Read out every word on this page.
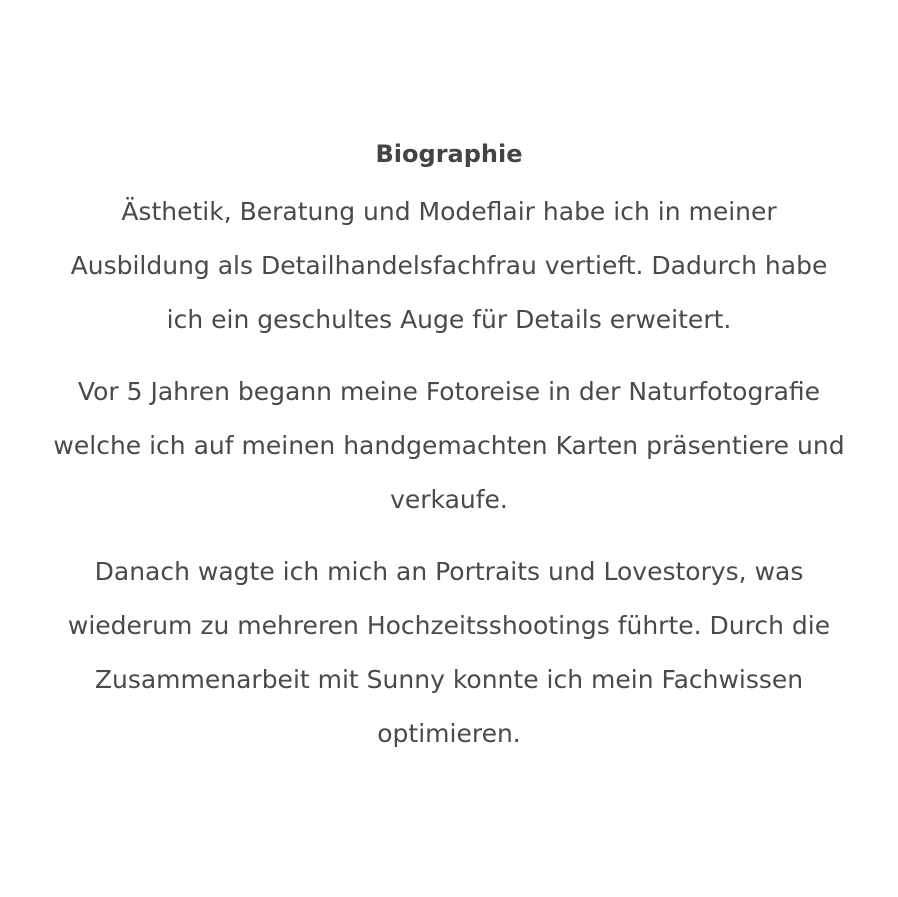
Biographie

Ästhetik, Beratung und Modeflair habe ich in meiner Ausbildung als Detailhandelsfachfrau vertieft. Dadurch habe ich ein geschultes Auge für Details erweitert.

Vor 5 Jahren begann meine Fotoreise in der Naturfotografie welche ich auf meinen handgemachten Karten präsentiere und verkaufe.

Danach wagte ich mich an Portraits und Lovestorys, was wiederum zu mehreren Hochzeitsshootings führte. Durch die Zusammenarbeit mit Sunny konnte ich mein Fachwissen optimieren.
